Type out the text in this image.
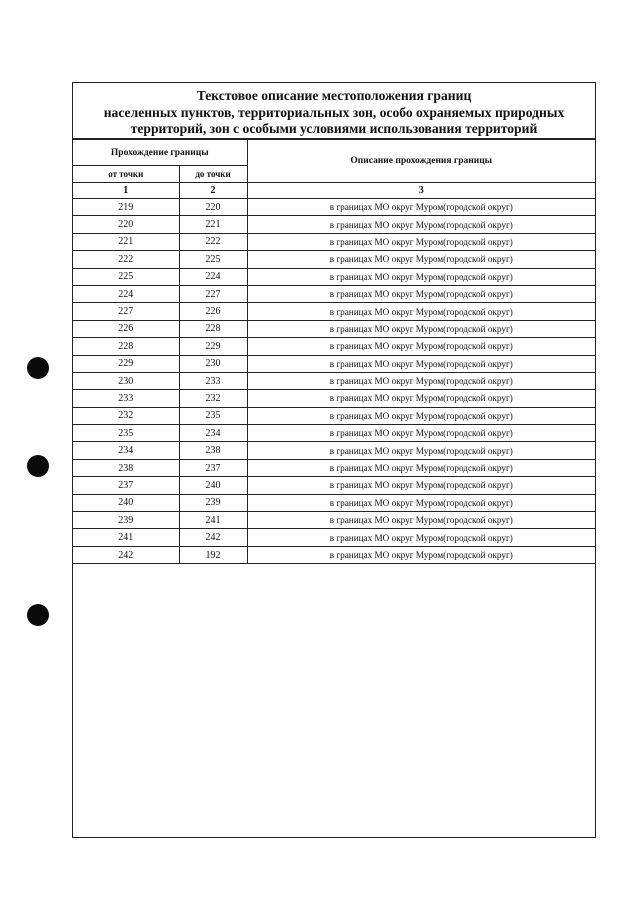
Текстовое описание местоположения границ
населенных пунктов, территориальных зон, особо охраняемых природных
территорий, зон с особыми условиями использования территорий
Прохождение границы		Описание прохождения границы
от точки	до точки	
1	2	3
219	220	в границах МО округ Муром(городской округ)
220	221	в границах МО округ Муром(городской округ)
221	222	в границах МО округ Муром(городской округ)
222	225	в границах МО округ Муром(городской округ)
225	224	в границах МО округ Муром(городской округ)
224	227	в границах МО округ Муром(городской округ)
227	226	в границах МО округ Муром(городской округ)
226	228	в границах МО округ Муром(городской округ)
228	229	в границах МО округ Муром(городской округ)
229	230	в границах МО округ Муром(городской округ)
230	233	в границах МО округ Муром(городской округ)
233	232	в границах МО округ Муром(городской округ)
232	235	в границах МО округ Муром(городской округ)
235	234	в границах МО округ Муром(городской округ)
234	238	в границах МО округ Муром(городской округ)
238	237	в границах МО округ Муром(городской округ)
237	240	в границах МО округ Муром(городской округ)
240	239	в границах МО округ Муром(городской округ)
239	241	в границах МО округ Муром(городской округ)
241	242	в границах МО округ Муром(городской округ)
242	192	в границах МО округ Муром(городской округ)
